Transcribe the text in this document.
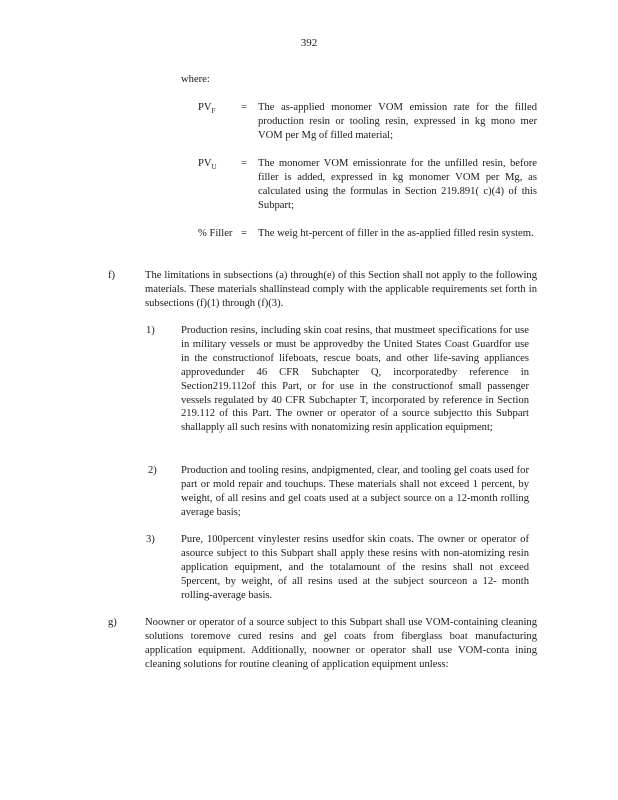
392
where:
$PV_F$ = The as-applied monomer VOM emission rate for the filled production resin or tooling resin, expressed in kg mono mer VOM per Mg of filled material;
$PV_U$ = The monomer VOM emissionrate for the unfilled resin, before filler is added, expressed in kg monomer VOM per Mg, as calculated using the formulas in Section 219.891( c)(4) of this Subpart;
% Filler = The weig ht-percent of filler in the as-applied filled resin system.
f)	The limitations in subsections (a) through(e) of this Section shall not apply to the following materials. These materials shallinstead comply with the applicable requirements set forth in subsections (f)(1) through (f)(3).
1) Production resins, including skin coat resins, that mustmeet specifications for use in military vessels or must be approvedby the United States Coast Guardfor use in the constructionof lifeboats, rescue boats, and other life-saving appliances approvedunder 46 CFR Subchapter Q, incorporatedby reference in Section219.112of this Part, or for use in the constructionof small passenger vessels regulated by 40 CFR Subchapter T, incorporated by reference in Section 219.112 of this Part. The owner or operator of a source subjectto this Subpart shallapply all such resins with nonatomizing resin application equipment;
2) Production and tooling resins, andpigmented, clear, and tooling gel coats used for part or mold repair and touchups. These materials shall not exceed 1 percent, by weight, of all resins and gel coats used at a subject source on a 12-month rolling average basis;
3) Pure, 100percent vinylester resins usedfor skin coats. The owner or operator of asource subject to this Subpart shall apply these resins with non-atomizing resin application equipment, and the totalamount of the resins shall not exceed 5percent, by weight, of all resins used at the subject sourceon a 12- month rolling-average basis.
g)	Noowner or operator of a source subject to this Subpart shall use VOM-containing cleaning solutions toremove cured resins and gel coats from fiberglass boat manufacturing application equipment. Additionally, noowner or operator shall use VOM-conta ining cleaning solutions for routine cleaning of application equipment unless:
